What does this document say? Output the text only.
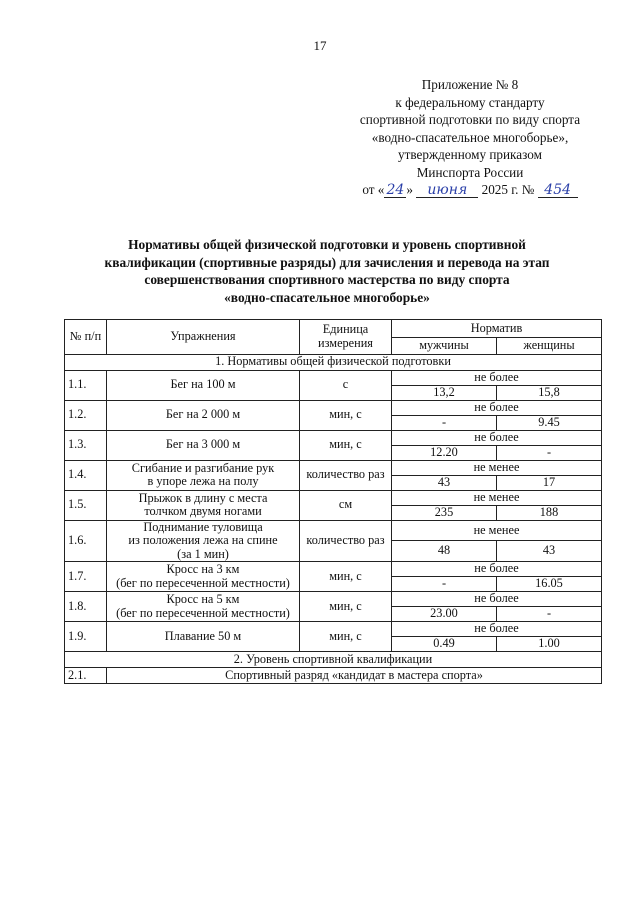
17
Приложение № 8
к федеральному стандарту
спортивной подготовки по виду спорта
«водно-спасательное многоборье»,
утвержденному приказом
Минспорта России
от « 24 » июня 2025 г. № 454
Нормативы общей физической подготовки и уровень спортивной
квалификации (спортивные разряды) для зачисления и перевода на этап
совершенствования спортивного мастерства по виду спорта
«водно-спасательное многоборье»
№ п/п	Упражнения	Единица измерения	Норматив	
			мужчины	женщины
1. Нормативы общей физической подготовки				
1.1.	Бег на 100 м	с	не более	
			13,2	15,8
1.2.	Бег на 2 000 м	мин, с	не более	
			-	9.45
1.3.	Бег на 3 000 м	мин, с	не более	
			12.20	-
1.4.	Сгибание и разгибание рук
в упоре лежа на полу	количество раз	не менее	
			43	17
1.5.	Прыжок в длину с места
толчком двумя ногами	см	не менее	
			235	188
1.6.	Поднимание туловища
из положения лежа на спине
(за 1 мин)	количество раз	не менее	
			48	43
1.7.	Кросс на 3 км
(бег по пересеченной местности)	мин, с	не более	
			-	16.05
1.8.	Кросс на 5 км
(бег по пересеченной местности)	мин, с	не более	
			23.00	-
1.9.	Плавание 50 м	мин, с	не более	
			0.49	1.00
2. Уровень спортивной квалификации				
2.1.	Спортивный разряд «кандидат в мастера спорта»			
